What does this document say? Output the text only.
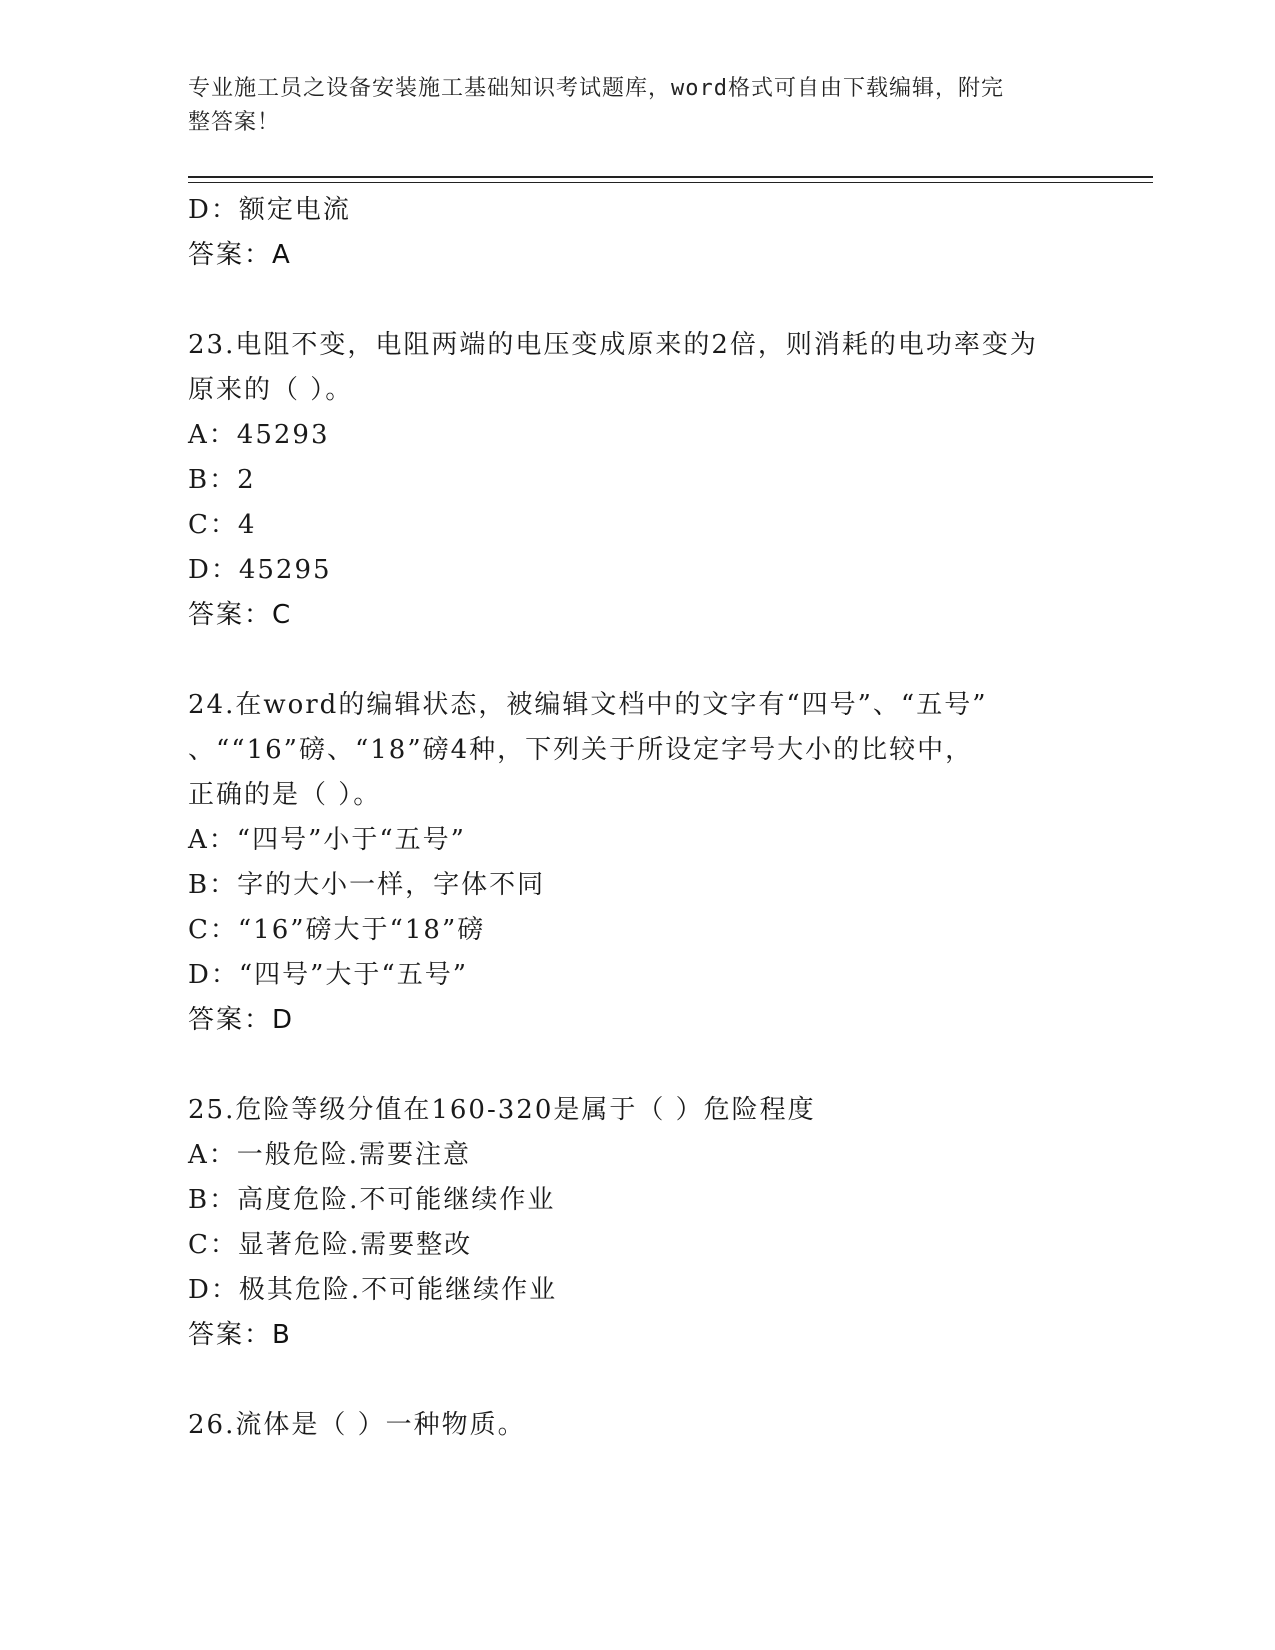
专业施工员之设备安装施工基础知识考试题库，word格式可自由下载编辑，附完
整答案！
D：额定电流
答案：A
23.电阻不变，电阻两端的电压变成原来的2倍，则消耗的电功率变为
原来的（ ）。
A：45293
B：2
C：4
D：45295
答案：C
24.在word的编辑状态，被编辑文档中的文字有“四号”、“五号”
、““16”磅、“18”磅4种，下列关于所设定字号大小的比较中，
正确的是（ ）。
A：“四号”小于“五号”
B：字的大小一样，字体不同
C：“16”磅大于“18”磅
D：“四号”大于“五号”
答案：D
25.危险等级分值在160-320是属于（ ）危险程度
A：一般危险.需要注意
B：高度危险.不可能继续作业
C：显著危险.需要整改
D：极其危险.不可能继续作业
答案：B
26.流体是（ ）一种物质。
